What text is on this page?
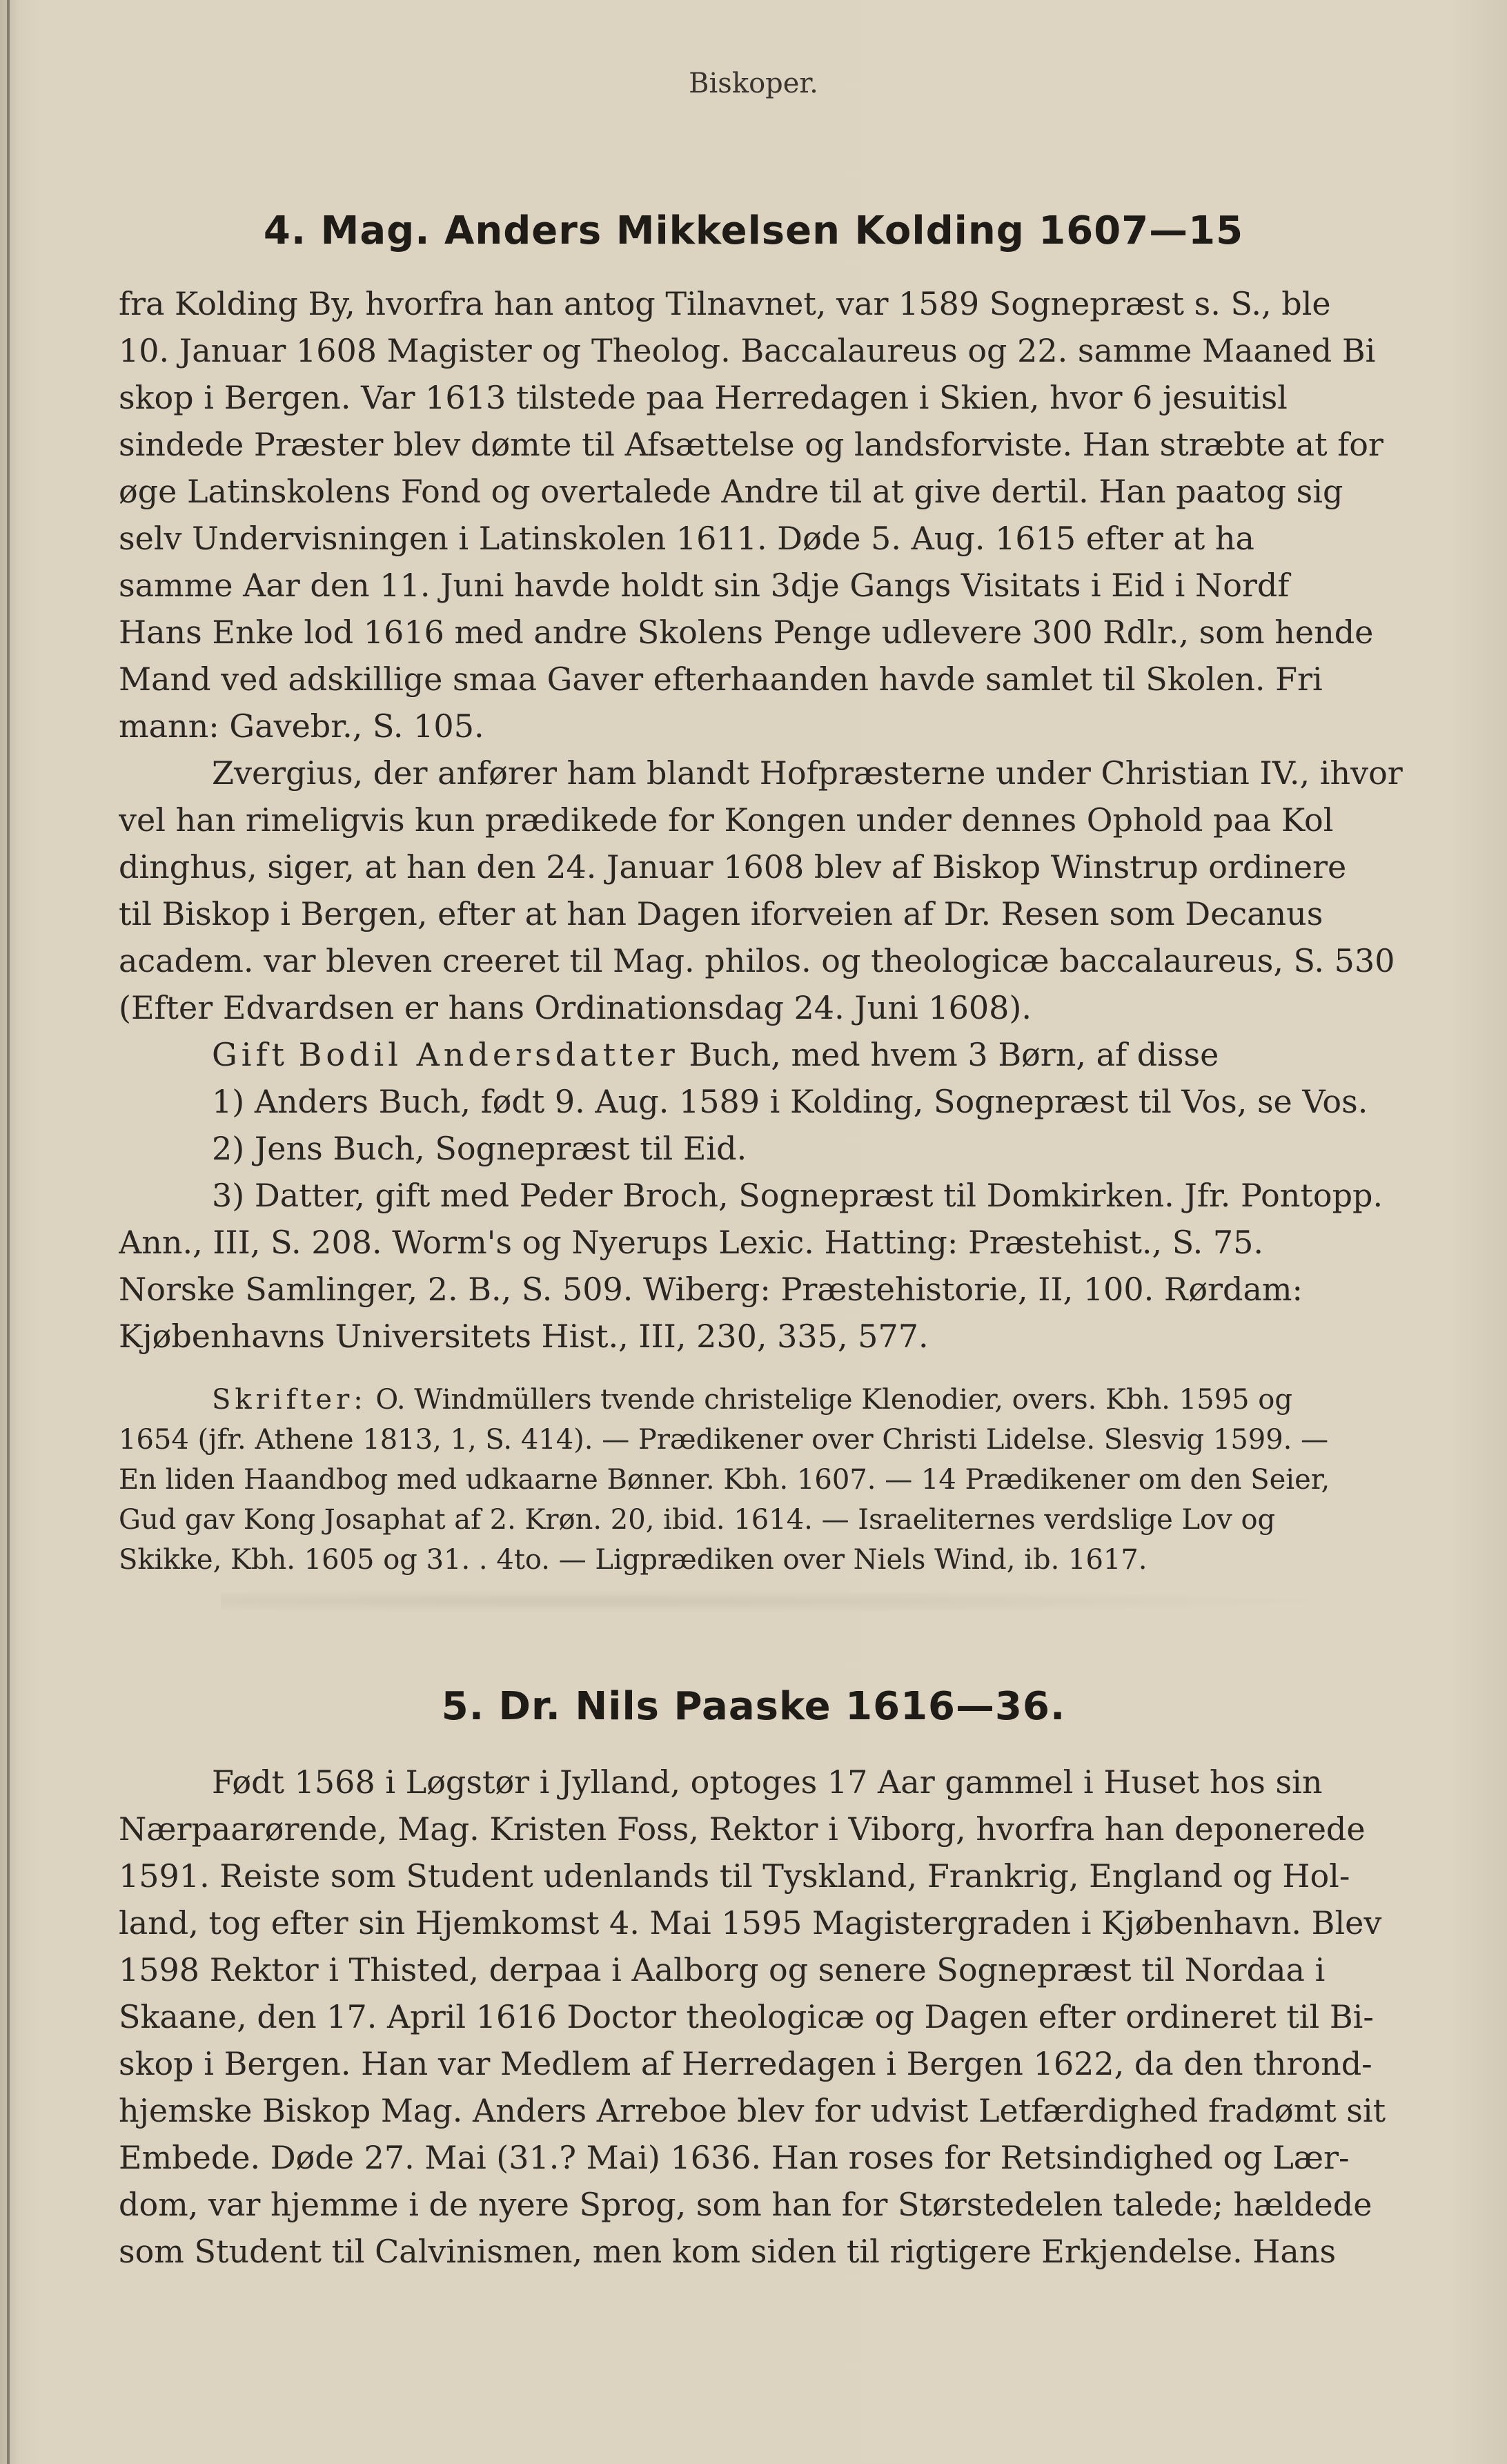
Biskoper.
4. Mag. Anders Mikkelsen Kolding 1607—15
fra Kolding By, hvorfra han antog Tilnavnet, var 1589 Sognepræst s. S., ble
10. Januar 1608 Magister og Theolog. Baccalaureus og 22. samme Maaned Bi
skop i Bergen. Var 1613 tilstede paa Herredagen i Skien, hvor 6 jesuitisl
sindede Præster blev dømte til Afsættelse og landsforviste. Han stræbte at for
øge Latinskolens Fond og overtalede Andre til at give dertil. Han paatog sig
selv Undervisningen i Latinskolen 1611. Døde 5. Aug. 1615 efter at ha
samme Aar den 11. Juni havde holdt sin 3dje Gangs Visitats i Eid i Nordf
Hans Enke lod 1616 med andre Skolens Penge udlevere 300 Rdlr., som hende
Mand ved adskillige smaa Gaver efterhaanden havde samlet til Skolen. Fri
mann: Gavebr., S. 105.
Zvergius, der anfører ham blandt Hofpræsterne under Christian IV., ihvor
vel han rimeligvis kun prædikede for Kongen under dennes Ophold paa Kol
dinghus, siger, at han den 24. Januar 1608 blev af Biskop Winstrup ordinere
til Biskop i Bergen, efter at han Dagen iforveien af Dr. Resen som Decanus
academ. var bleven creeret til Mag. philos. og theologicæ baccalaureus, S. 530
(Efter Edvardsen er hans Ordinationsdag 24. Juni 1608).
Gift Bodil Andersdatter Buch, med hvem 3 Børn, af disse
1) Anders Buch, født 9. Aug. 1589 i Kolding, Sognepræst til Vos, se Vos.
2) Jens Buch, Sognepræst til Eid.
3) Datter, gift med Peder Broch, Sognepræst til Domkirken. Jfr. Pontopp.
Ann., III, S. 208. Worm's og Nyerups Lexic. Hatting: Præstehist., S. 75.
Norske Samlinger, 2. B., S. 509. Wiberg: Præstehistorie, II, 100. Rørdam:
Kjøbenhavns Universitets Hist., III, 230, 335, 577.
Skrifter: O. Windmüllers tvende christelige Klenodier, overs. Kbh. 1595 og
1654 (jfr. Athene 1813, 1, S. 414). — Prædikener over Christi Lidelse. Slesvig 1599. —
En liden Haandbog med udkaarne Bønner. Kbh. 1607. — 14 Prædikener om den Seier,
Gud gav Kong Josaphat af 2. Krøn. 20, ibid. 1614. — Israeliternes verdslige Lov og
Skikke, Kbh. 1605 og 31. . 4to. — Ligprædiken over Niels Wind, ib. 1617.
5. Dr. Nils Paaske 1616—36.
Født 1568 i Løgstør i Jylland, optoges 17 Aar gammel i Huset hos sin
Nærpaarørende, Mag. Kristen Foss, Rektor i Viborg, hvorfra han deponerede
1591. Reiste som Student udenlands til Tyskland, Frankrig, England og Hol-
land, tog efter sin Hjemkomst 4. Mai 1595 Magistergraden i Kjøbenhavn. Blev
1598 Rektor i Thisted, derpaa i Aalborg og senere Sognepræst til Nordaa i
Skaane, den 17. April 1616 Doctor theologicæ og Dagen efter ordineret til Bi-
skop i Bergen. Han var Medlem af Herredagen i Bergen 1622, da den thrond-
hjemske Biskop Mag. Anders Arreboe blev for udvist Letfærdighed fradømt sit
Embede. Døde 27. Mai (31.? Mai) 1636. Han roses for Retsindighed og Lær-
dom, var hjemme i de nyere Sprog, som han for Størstedelen talede; hældede
som Student til Calvinismen, men kom siden til rigtigere Erkjendelse. Hans
